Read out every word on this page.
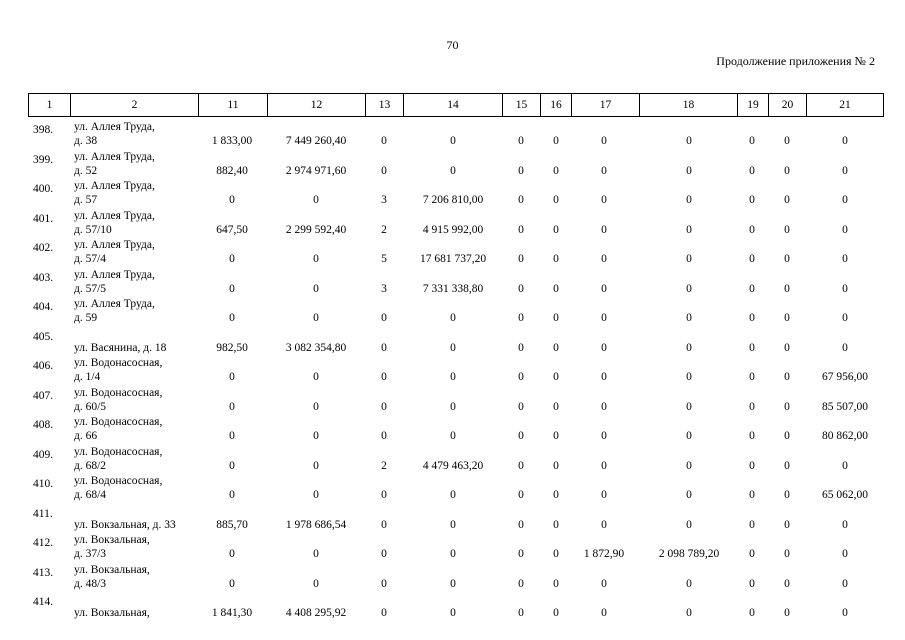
70
Продолжение приложения № 2
1	2	11	12	13	14	15	16	17	18	19	20	21
398. ул. Аллея Труда,
д. 38	1 833,00	7 449 260,40	0	0	0	0	0	0	0	0	0
399. ул. Аллея Труда,
д. 52	882,40	2 974 971,60	0	0	0	0	0	0	0	0	0
400. ул. Аллея Труда,
д. 57	0	0	3	7 206 810,00	0	0	0	0	0	0	0
401. ул. Аллея Труда,
д. 57/10	647,50	2 299 592,40	2	4 915 992,00	0	0	0	0	0	0	0
402. ул. Аллея Труда,
д. 57/4	0	0	5	17 681 737,20	0	0	0	0	0	0	0
403. ул. Аллея Труда,
д. 57/5	0	0	3	7 331 338,80	0	0	0	0	0	0	0
404. ул. Аллея Труда,
д. 59	0	0	0	0	0	0	0	0	0	0	0
405.
ул. Васянина, д. 18	982,50	3 082 354,80	0	0	0	0	0	0	0	0	0
406. ул. Водонасосная,
д. 1/4	0	0	0	0	0	0	0	0	0	0	67 956,00
407. ул. Водонасосная,
д. 60/5	0	0	0	0	0	0	0	0	0	0	85 507,00
408. ул. Водонасосная,
д. 66	0	0	0	0	0	0	0	0	0	0	80 862,00
409. ул. Водонасосная,
д. 68/2	0	0	2	4 479 463,20	0	0	0	0	0	0	0
410. ул. Водонасосная,
д. 68/4	0	0	0	0	0	0	0	0	0	0	65 062,00
411.
ул. Вокзальная, д. 33	885,70	1 978 686,54	0	0	0	0	0	0	0	0	0
412. ул. Вокзальная,
д. 37/3	0	0	0	0	0	0	1 872,90	2 098 789,20	0	0	0
413. ул. Вокзальная,
д. 48/3	0	0	0	0	0	0	0	0	0	0	0
414.
ул. Вокзальная,	1 841,30	4 408 295,92	0	0	0	0	0	0	0	0	0
